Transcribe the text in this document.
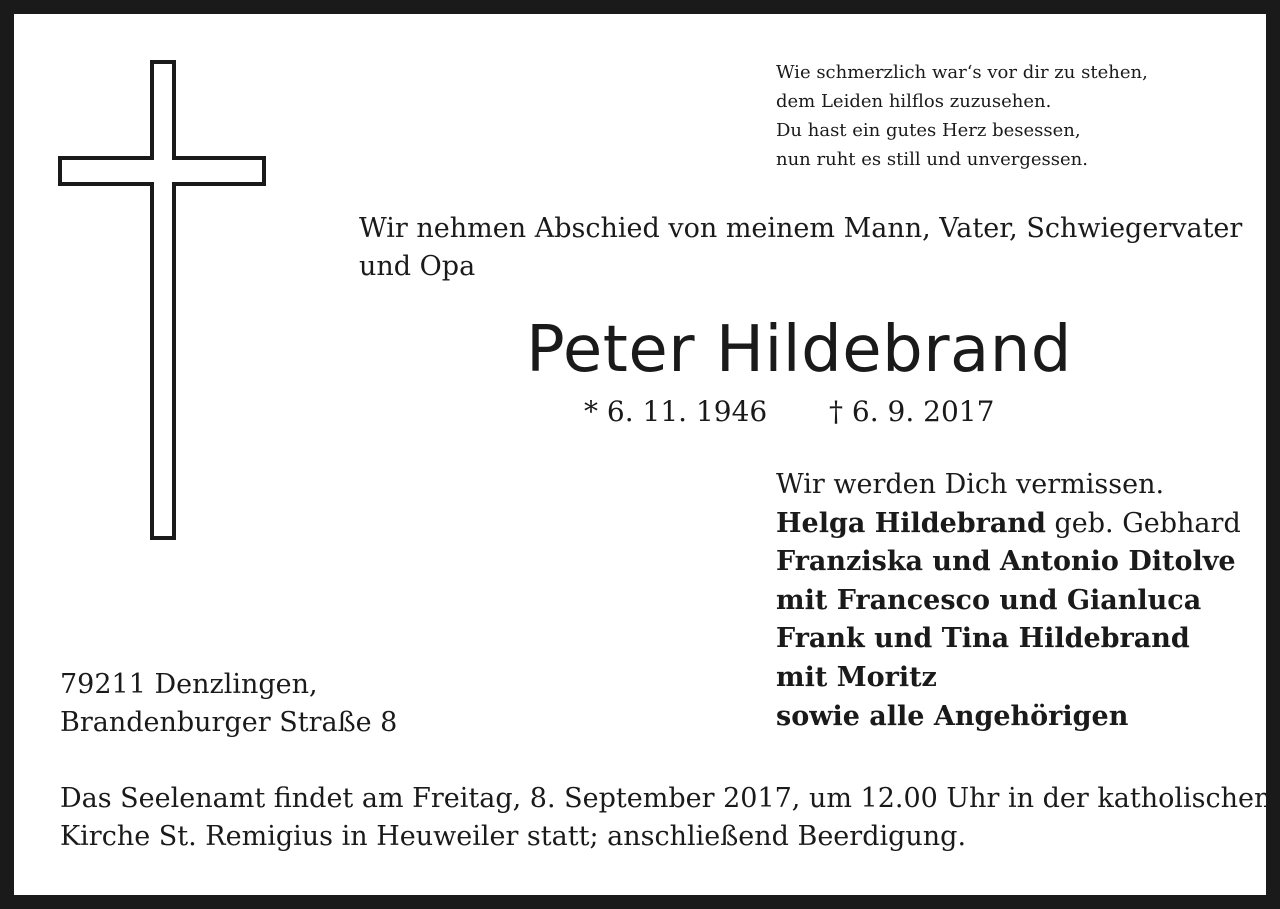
Wie schmerzlich war‘s vor dir zu stehen,
dem Leiden hilflos zuzusehen.
Du hast ein gutes Herz besessen,
nun ruht es still und unvergessen.
Wir nehmen Abschied von meinem Mann, Vater, Schwiegervater
und Opa
Peter Hildebrand
* 6. 11. 1946 † 6. 9. 2017
Wir werden Dich vermissen.
Helga Hildebrand geb. Gebhard
Franziska und Antonio Ditolve
mit Francesco und Gianluca
Frank und Tina Hildebrand
mit Moritz
sowie alle Angehörigen
79211 Denzlingen,
Brandenburger Straße 8
Das Seelenamt findet am Freitag, 8. September 2017, um 12.00 Uhr in der katholischen
Kirche St. Remigius in Heuweiler statt; anschließend Beerdigung.
